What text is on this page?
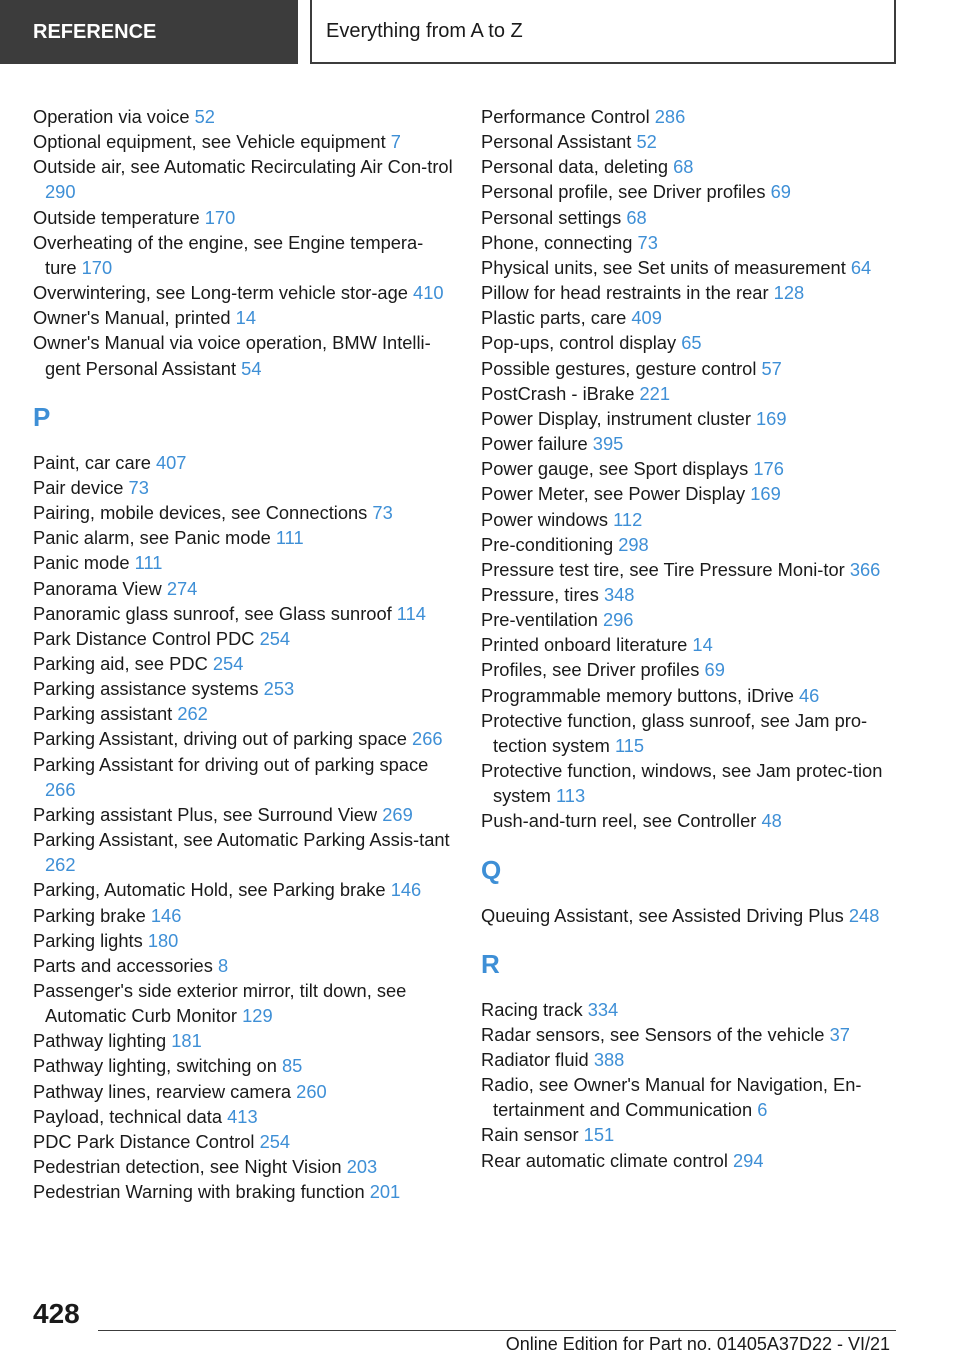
REFERENCE	Everything from A to Z
Operation via voice 52
Optional equipment, see Vehicle equipment 7
Outside air, see Automatic Recirculating Air Con-trol 290
Outside temperature 170
Overheating of the engine, see Engine tempera-ture 170
Overwintering, see Long-term vehicle stor-age 410
Owner's Manual, printed 14
Owner's Manual via voice operation, BMW Intelli-gent Personal Assistant 54
P
Paint, car care 407
Pair device 73
Pairing, mobile devices, see Connections 73
Panic alarm, see Panic mode 111
Panic mode 111
Panorama View 274
Panoramic glass sunroof, see Glass sunroof 114
Park Distance Control PDC 254
Parking aid, see PDC 254
Parking assistance systems 253
Parking assistant 262
Parking Assistant, driving out of parking space 266
Parking Assistant for driving out of parking space 266
Parking assistant Plus, see Surround View 269
Parking Assistant, see Automatic Parking Assis-tant 262
Parking, Automatic Hold, see Parking brake 146
Parking brake 146
Parking lights 180
Parts and accessories 8
Passenger's side exterior mirror, tilt down, see Automatic Curb Monitor 129
Pathway lighting 181
Pathway lighting, switching on 85
Pathway lines, rearview camera 260
Payload, technical data 413
PDC Park Distance Control 254
Pedestrian detection, see Night Vision 203
Pedestrian Warning with braking function 201
Performance Control 286
Personal Assistant 52
Personal data, deleting 68
Personal profile, see Driver profiles 69
Personal settings 68
Phone, connecting 73
Physical units, see Set units of measurement 64
Pillow for head restraints in the rear 128
Plastic parts, care 409
Pop-ups, control display 65
Possible gestures, gesture control 57
PostCrash - iBrake 221
Power Display, instrument cluster 169
Power failure 395
Power gauge, see Sport displays 176
Power Meter, see Power Display 169
Power windows 112
Pre-conditioning 298
Pressure test tire, see Tire Pressure Moni-tor 366
Pressure, tires 348
Pre-ventilation 296
Printed onboard literature 14
Profiles, see Driver profiles 69
Programmable memory buttons, iDrive 46
Protective function, glass sunroof, see Jam pro-tection system 115
Protective function, windows, see Jam protec-tion system 113
Push-and-turn reel, see Controller 48
Q
Queuing Assistant, see Assisted Driving Plus 248
R
Racing track 334
Radar sensors, see Sensors of the vehicle 37
Radiator fluid 388
Radio, see Owner's Manual for Navigation, En-tertainment and Communication 6
Rain sensor 151
Rear automatic climate control 294
428
Online Edition for Part no. 01405A37D22 - VI/21
